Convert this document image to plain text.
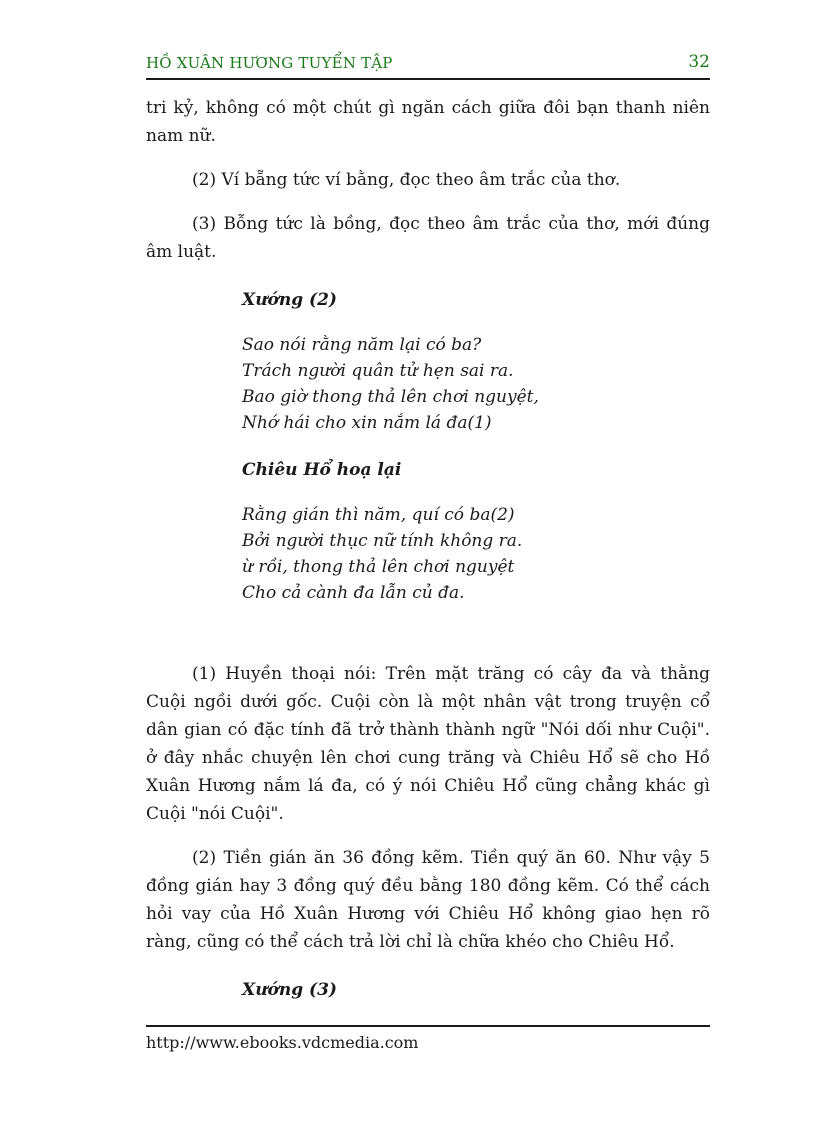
HỒ XUÂN HƯƠNG TUYỂN TẬP	32

tri kỷ, không có một chút gì ngăn cách giữa đôi bạn thanh niên nam nữ.

(2) Ví bẵng tức ví bằng, đọc theo âm trắc của thơ.

(3) Bỗng tức là bồng, đọc theo âm trắc của thơ, mới đúng âm luật.

Xướng (2)
Sao nói rằng năm lại có ba?
Trách người quân tử hẹn sai ra.
Bao giờ thong thả lên chơi nguyệt,
Nhớ hái cho xin nắm lá đa(1)
Chiêu Hổ hoạ lại
Rằng gián thì năm, quí có ba(2)
Bởi người thục nữ tính không ra.
ừ rồi, thong thả lên chơi nguyệt
Cho cả cành đa lẫn củ đa.

(1) Huyền thoại nói: Trên mặt trăng có cây đa và thằng Cuội ngồi dưới gốc. Cuội còn là một nhân vật trong truyện cổ dân gian có đặc tính đã trở thành thành ngữ "Nói dối như Cuội". ở đây nhắc chuyện lên chơi cung trăng và Chiêu Hổ sẽ cho Hồ Xuân Hương nắm lá đa, có ý nói Chiêu Hổ cũng chẳng khác gì Cuội "nói Cuội".

(2) Tiền gián ăn 36 đồng kẽm. Tiền quý ăn 60. Như vậy 5 đồng gián hay 3 đồng quý đều bằng 180 đồng kẽm. Có thể cách hỏi vay của Hồ Xuân Hương với Chiêu Hổ không giao hẹn rõ ràng, cũng có thể cách trả lời chỉ là chữa khéo cho Chiêu Hổ.

Xướng (3)
http://www.ebooks.vdcmedia.com
